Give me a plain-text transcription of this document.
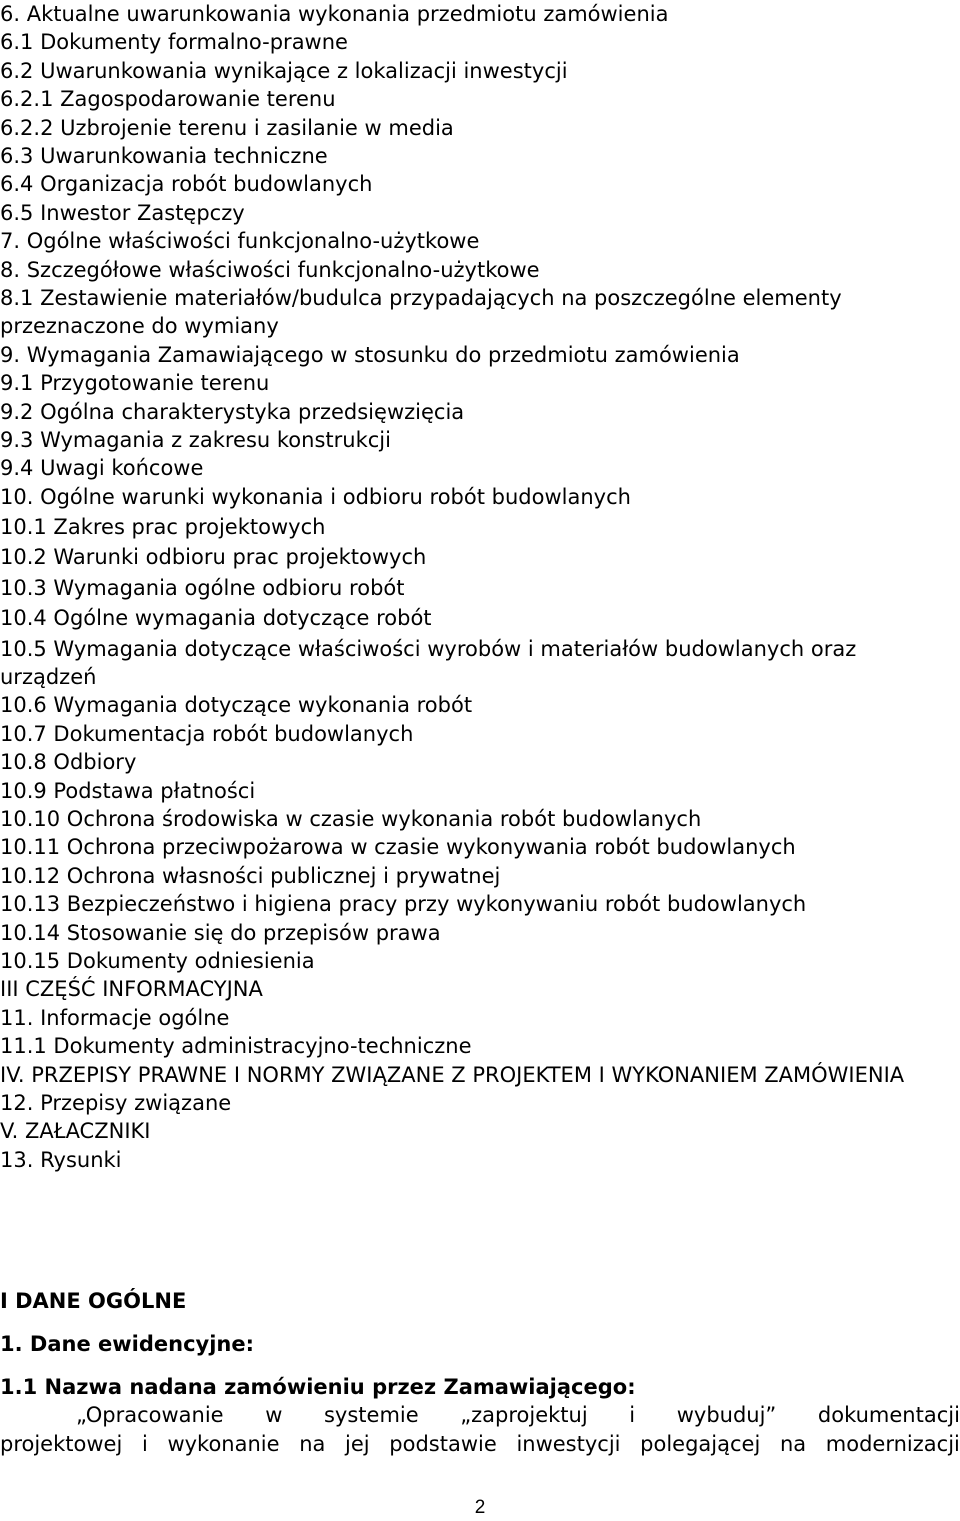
6. Aktualne uwarunkowania wykonania przedmiotu zamówienia
6.1 Dokumenty formalno-prawne
6.2 Uwarunkowania wynikające z lokalizacji inwestycji
6.2.1 Zagospodarowanie terenu
6.2.2 Uzbrojenie terenu i zasilanie w media
6.3 Uwarunkowania techniczne
6.4 Organizacja robót budowlanych
6.5 Inwestor Zastępczy
7. Ogólne właściwości funkcjonalno-użytkowe
8. Szczegółowe właściwości funkcjonalno-użytkowe
8.1 Zestawienie materiałów/budulca przypadających na poszczególne elementy przeznaczone do wymiany
9. Wymagania Zamawiającego w stosunku do przedmiotu zamówienia
9.1 Przygotowanie terenu
9.2 Ogólna charakterystyka przedsięwzięcia
9.3 Wymagania z zakresu konstrukcji
9.4 Uwagi końcowe
10. Ogólne warunki wykonania i odbioru robót budowlanych
10.1 Zakres prac projektowych
10.2 Warunki odbioru prac projektowych
10.3 Wymagania ogólne odbioru robót
10.4 Ogólne wymagania dotyczące robót
10.5 Wymagania dotyczące właściwości wyrobów i materiałów budowlanych oraz urządzeń
10.6 Wymagania dotyczące wykonania robót
10.7 Dokumentacja robót budowlanych
10.8 Odbiory
10.9 Podstawa płatności
10.10 Ochrona środowiska w czasie wykonania robót budowlanych
10.11 Ochrona przeciwpożarowa w czasie wykonywania robót budowlanych
10.12 Ochrona własności publicznej i prywatnej
10.13 Bezpieczeństwo i higiena pracy przy wykonywaniu robót budowlanych
10.14 Stosowanie się do przepisów prawa
10.15 Dokumenty odniesienia
III CZĘŚĆ INFORMACYJNA
11. Informacje ogólne
11.1 Dokumenty administracyjno-techniczne
IV. PRZEPISY PRAWNE I NORMY ZWIĄZANE Z PROJEKTEM I WYKONANIEM ZAMÓWIENIA
12. Przepisy związane
V. ZAŁACZNIKI
13. Rysunki
I DANE OGÓLNE
1. Dane ewidencyjne:
1.1 Nazwa nadana zamówieniu przez Zamawiającego:
„Opracowanie w systemie „zaprojektuj i wybuduj” dokumentacji
projektowej i wykonanie na jej podstawie inwestycji polegającej na modernizacji
2
